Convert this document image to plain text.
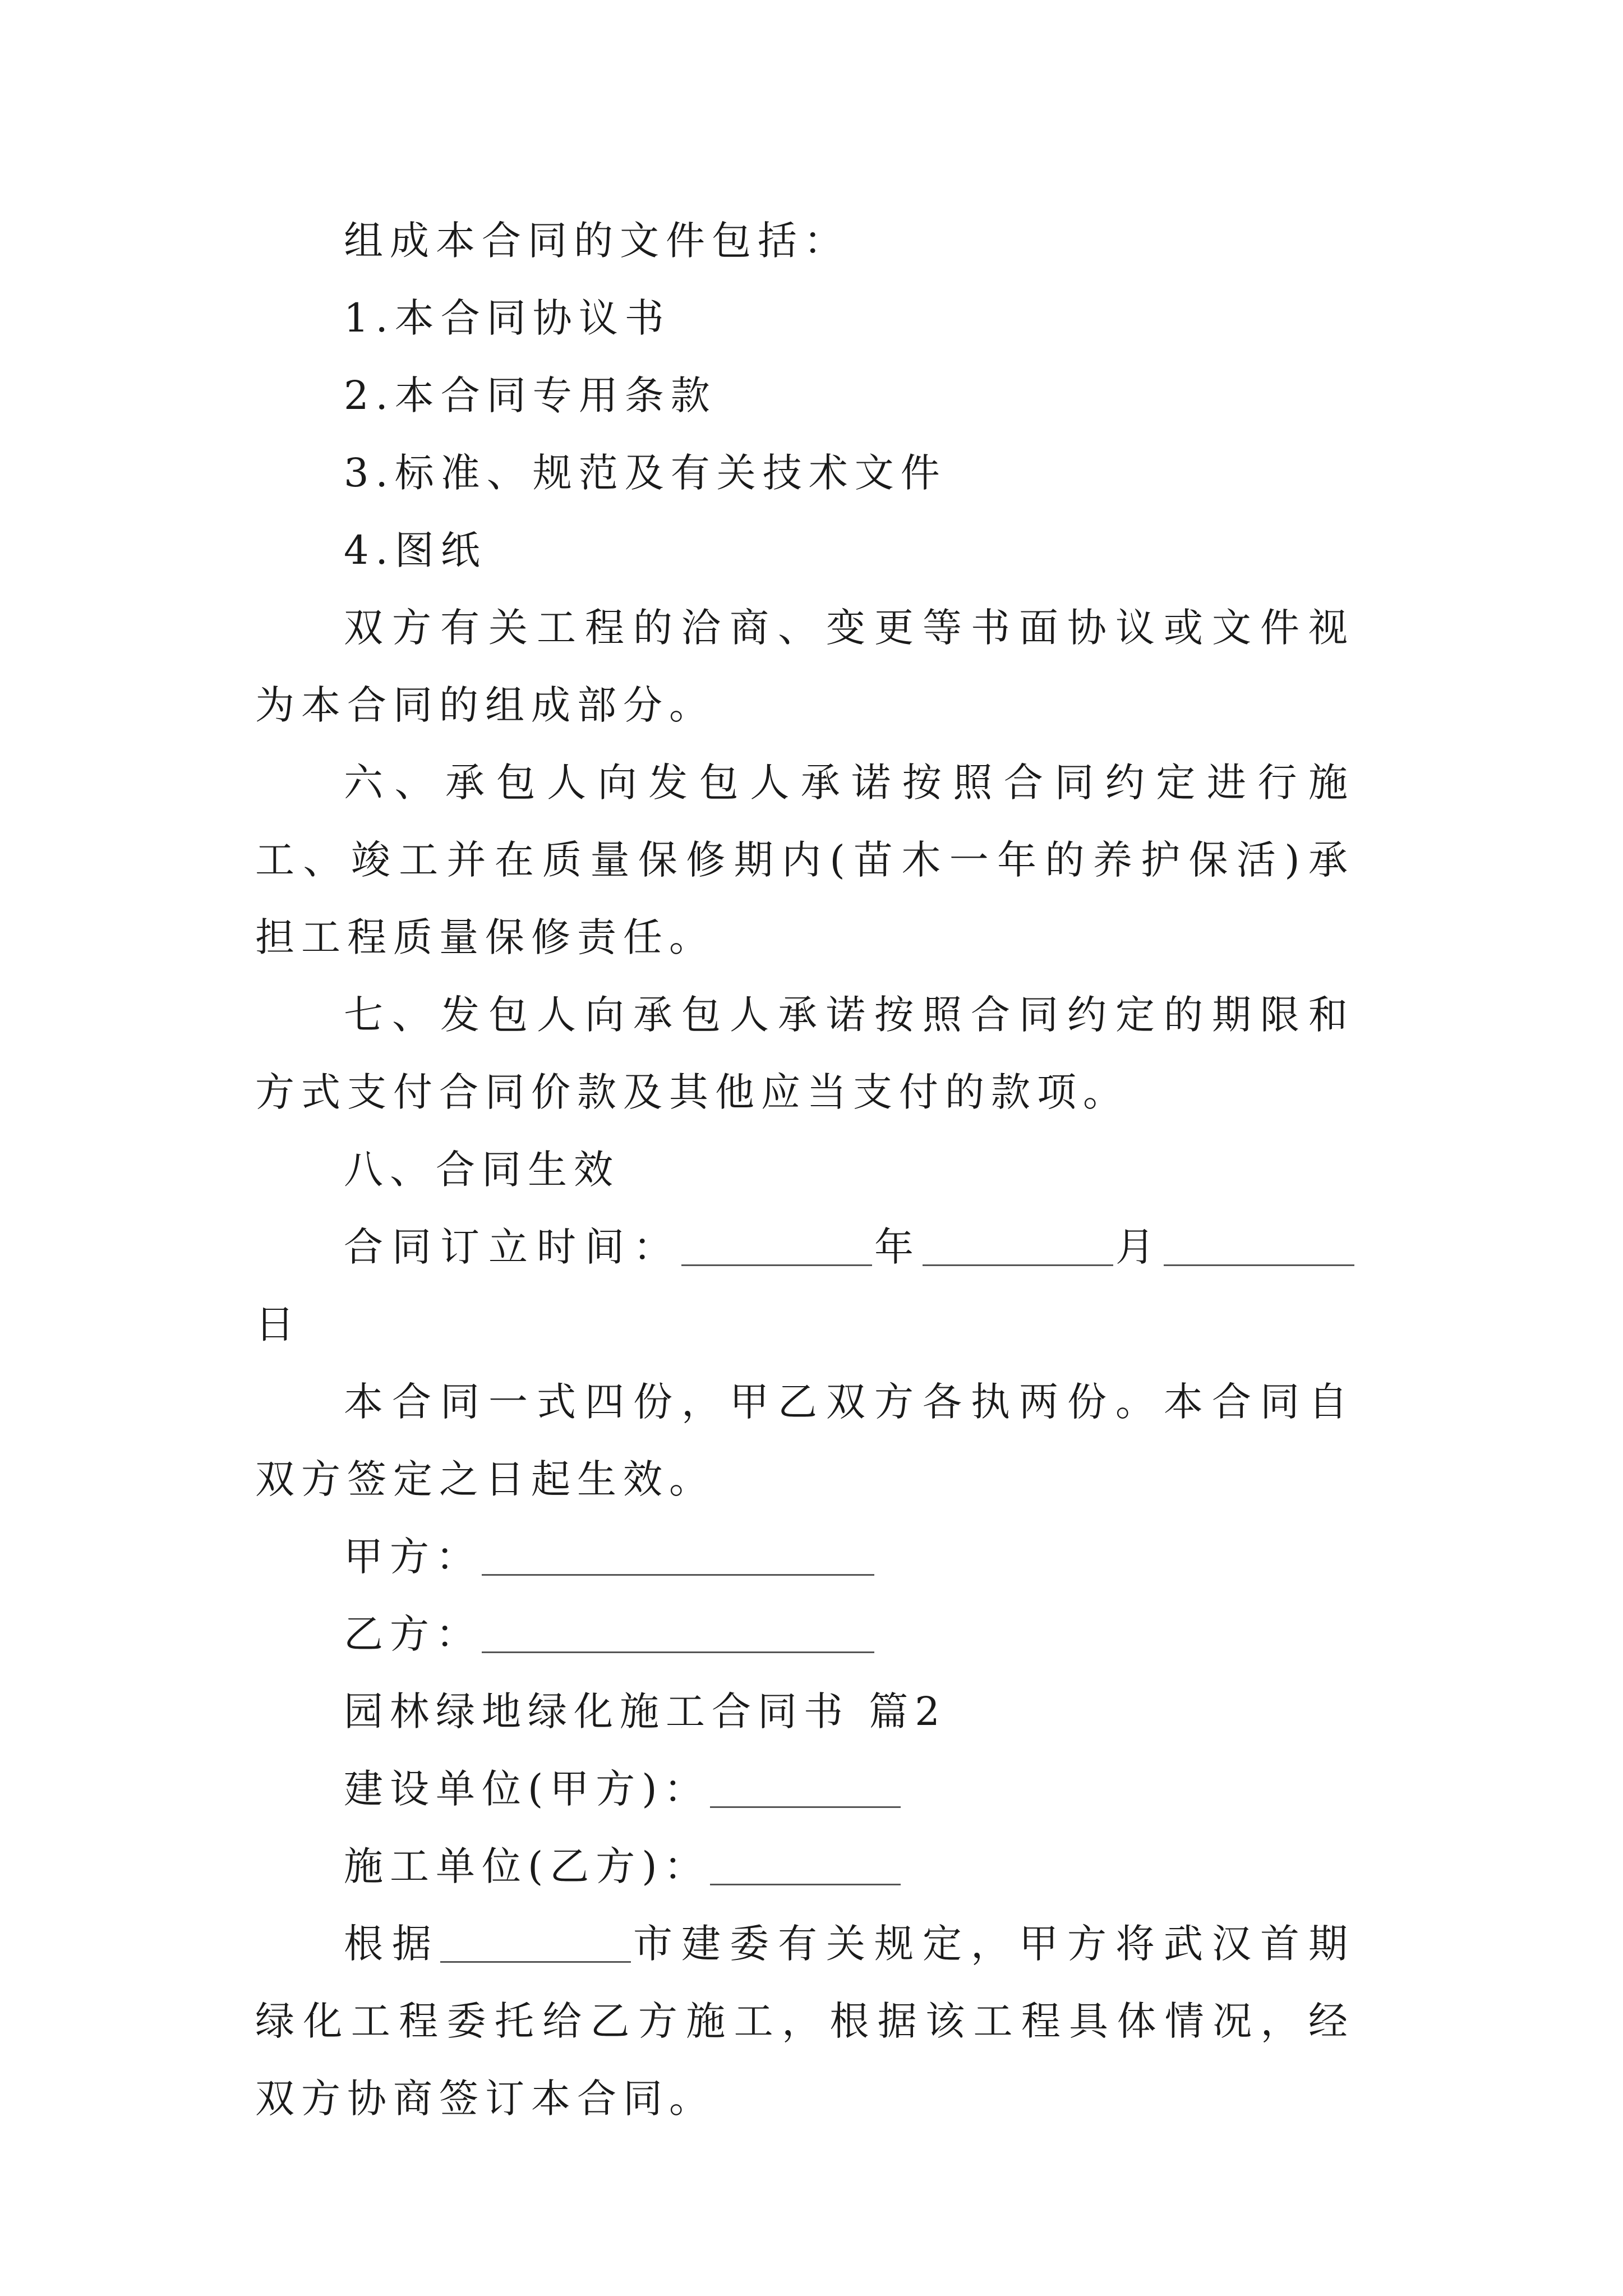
组成本合同的文件包括：

1.本合同协议书

2.本合同专用条款

3.标准、规范及有关技术文件

4.图纸

双方有关工程的洽商、变更等书面协议或文件视为本合同的组成部分。

六、承包人向发包人承诺按照合同约定进行施工、竣工并在质量保修期内(苗木一年的养护保活)承担工程质量保修责任。

七、发包人向承包人承诺按照合同约定的期限和方式支付合同价款及其他应当支付的款项。

八、合同生效

合同订立时间：	年	月日

本合同一式四份，甲乙双方各执两份。本合同自双方签定之日起生效。

甲方：

乙方：

园林绿地绿化施工合同书 篇2

建设单位(甲方)：

施工单位(乙方)：

根据	市建委有关规定，甲方将武汉首期绿化工程委托给乙方施工，根据该工程具体情况，经双方协商签订本合同。
